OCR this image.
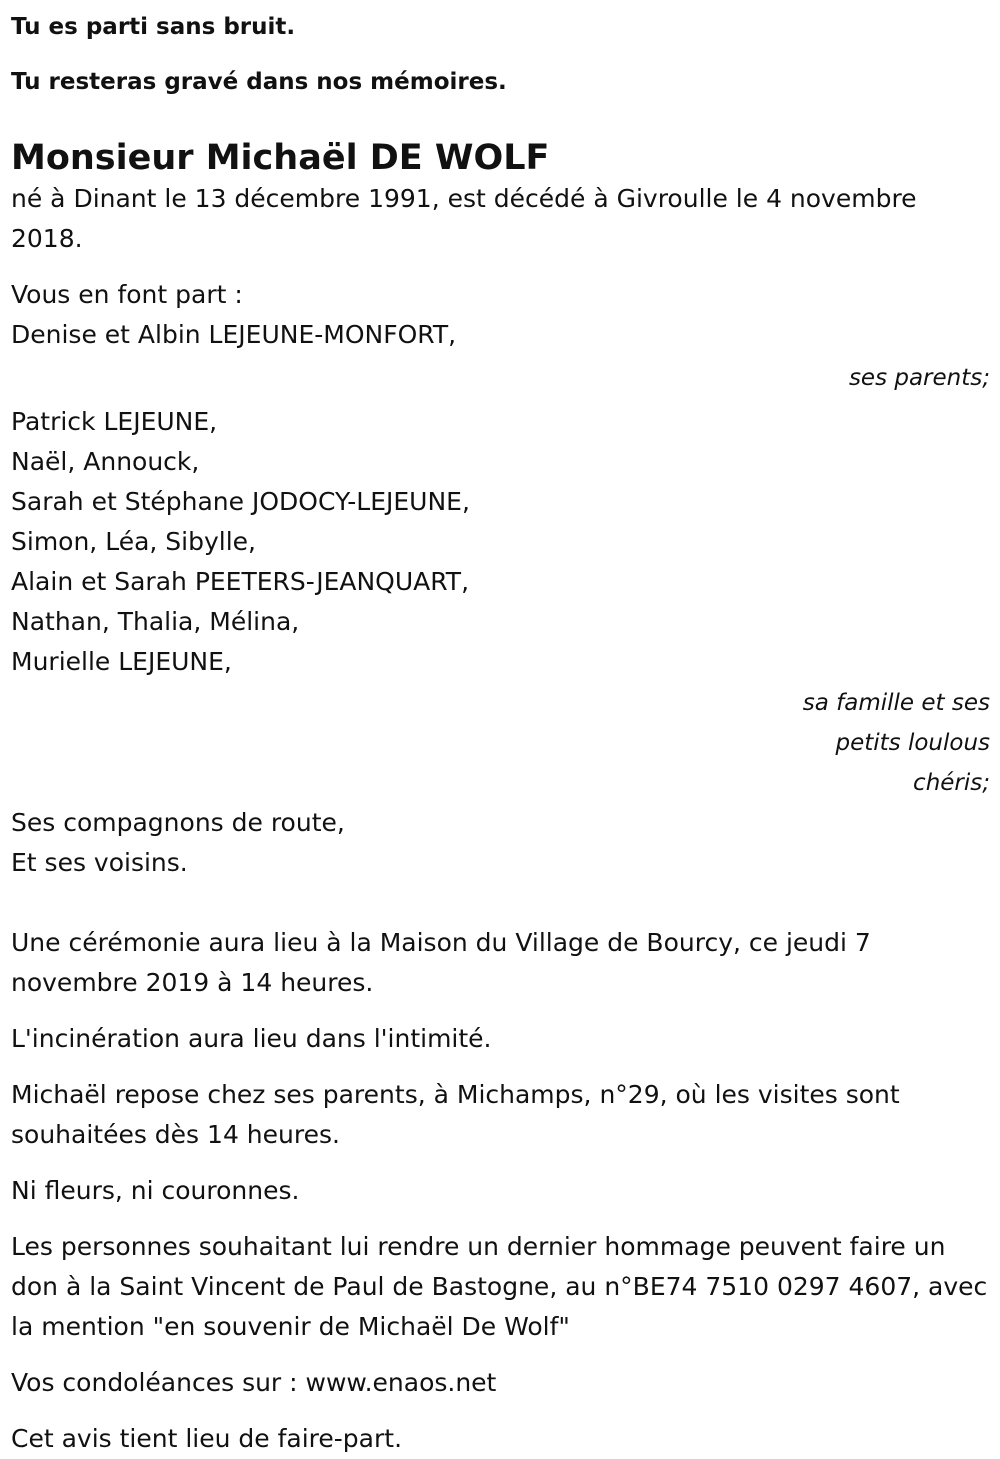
Tu es parti sans bruit.

Tu resteras gravé dans nos mémoires.

Monsieur Michaël DE WOLF

né à Dinant le 13 décembre 1991, est décédé à Givroulle le 4 novembre 2018.

Vous en font part :

Denise et Albin LEJEUNE-MONFORT,

ses parents;

Patrick LEJEUNE,

Naël, Annouck,

Sarah et Stéphane JODOCY-LEJEUNE,

Simon, Léa, Sibylle,

Alain et Sarah PEETERS-JEANQUART,

Nathan, Thalia, Mélina,

Murielle LEJEUNE,

sa famille et ses
petits loulous
chéris;

Ses compagnons de route,

Et ses voisins.

Une cérémonie aura lieu à la Maison du Village de Bourcy, ce jeudi 7 novembre 2019 à 14 heures.

L'incinération aura lieu dans l'intimité.

Michaël repose chez ses parents, à Michamps, n°29, où les visites sont souhaitées dès 14 heures.

Ni fleurs, ni couronnes.

Les personnes souhaitant lui rendre un dernier hommage peuvent faire un don à la Saint Vincent de Paul de Bastogne, au n°BE74 7510 0297 4607, avec la mention "en souvenir de Michaël De Wolf"

Vos condoléances sur : www.enaos.net

Cet avis tient lieu de faire-part.
